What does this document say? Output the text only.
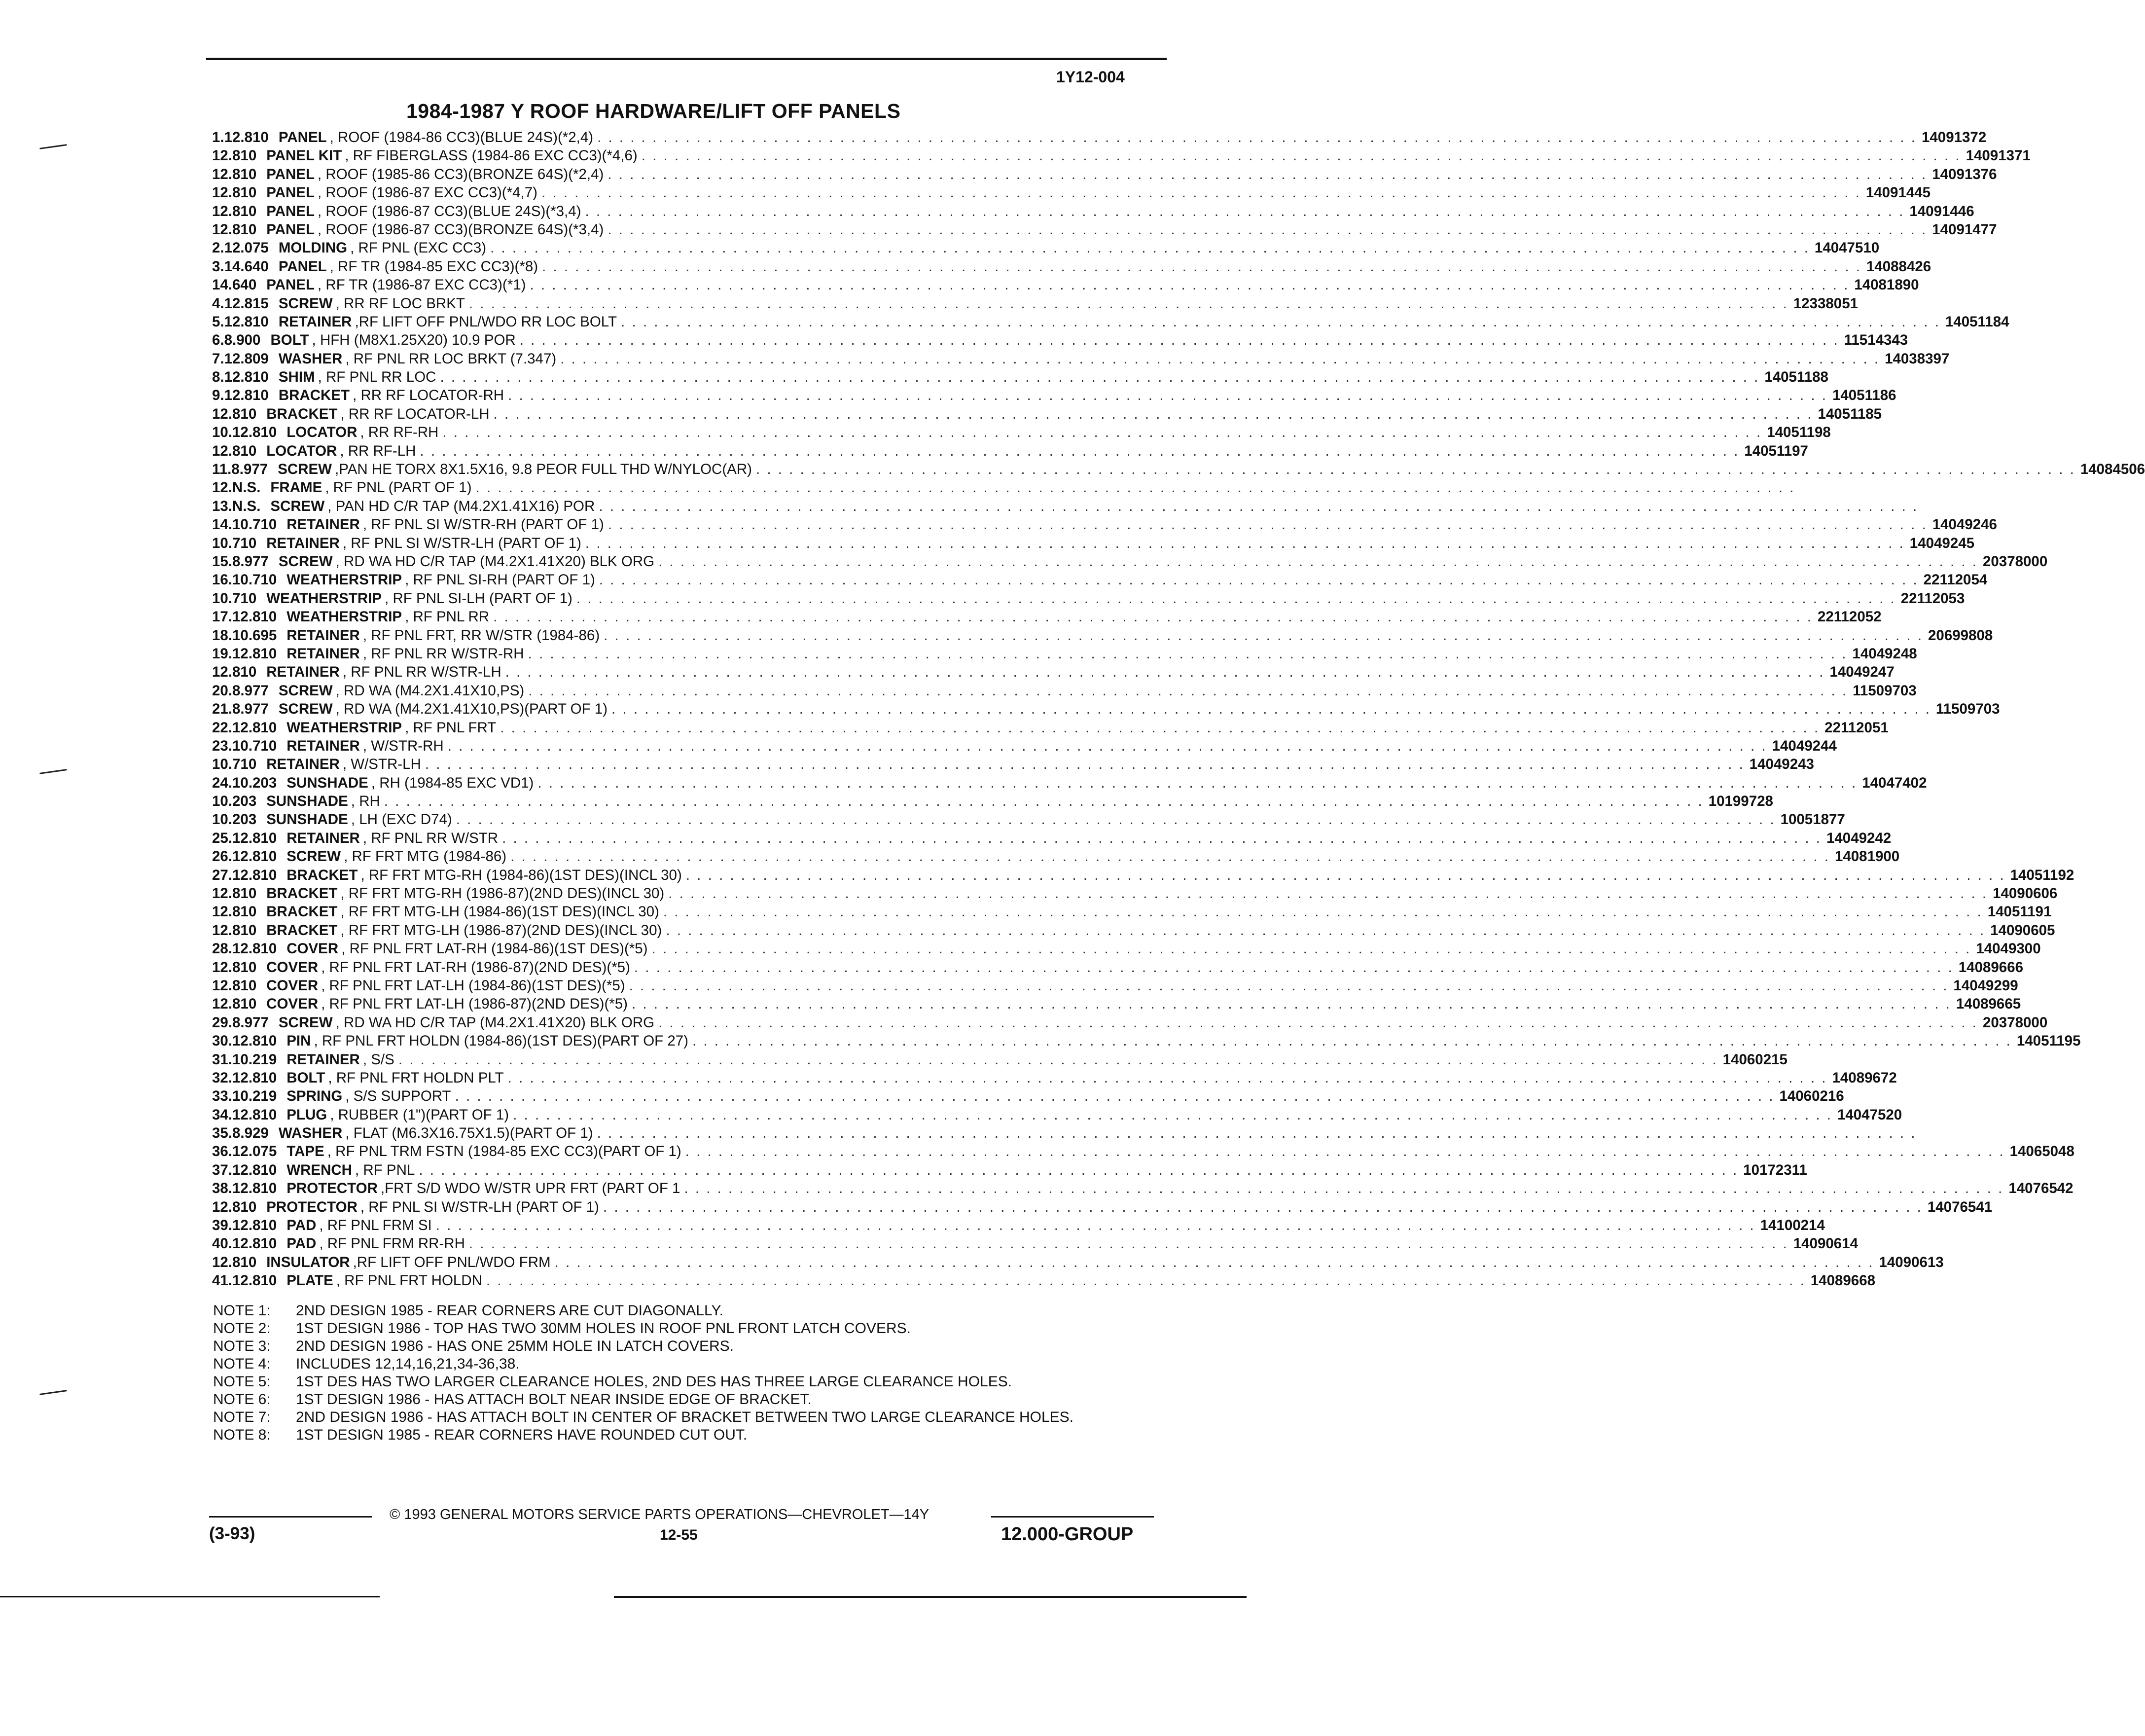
1Y12-004
1984-1987 Y ROOF HARDWARE/LIFT OFF PANELS
1. 12.810 PANEL , ROOF (1984-86 CC3)(BLUE 24S)(*2,4) . . . . . . . . . . . . . . . . . . . . . . . . . . . . . . . . . . . . . . . . . . . . . . . . . . . . . . . . . . . . . . . . . . . . . . . . . . . . . . . . . . . . . . . . . . . . . . . . . . . . . . . . . . . . . . . . . . . . . . . . 14091372
12.810 PANEL KIT , RF FIBERGLASS (1984-86 EXC CC3)(*4,6) . . . . . . . . . . . . . . . . . . . . . . . . . . . . . . . . . . . . . . . . . . . . . . . . . . . . . . . . . . . . . . . . . . . . . . . . . . . . . . . . . . . . . . . . . . . . . . . . . . . . . . . . . . . . . . . . . . . . . . . . 14091371
12.810 PANEL , ROOF (1985-86 CC3)(BRONZE 64S)(*2,4) . . . . . . . . . . . . . . . . . . . . . . . . . . . . . . . . . . . . . . . . . . . . . . . . . . . . . . . . . . . . . . . . . . . . . . . . . . . . . . . . . . . . . . . . . . . . . . . . . . . . . . . . . . . . . . . . . . . . . . . . 14091376
12.810 PANEL , ROOF (1986-87 EXC CC3)(*4,7) . . . . . . . . . . . . . . . . . . . . . . . . . . . . . . . . . . . . . . . . . . . . . . . . . . . . . . . . . . . . . . . . . . . . . . . . . . . . . . . . . . . . . . . . . . . . . . . . . . . . . . . . . . . . . . . . . . . . . . . . 14091445
12.810 PANEL , ROOF (1986-87 CC3)(BLUE 24S)(*3,4) . . . . . . . . . . . . . . . . . . . . . . . . . . . . . . . . . . . . . . . . . . . . . . . . . . . . . . . . . . . . . . . . . . . . . . . . . . . . . . . . . . . . . . . . . . . . . . . . . . . . . . . . . . . . . . . . . . . . . . . . 14091446
12.810 PANEL , ROOF (1986-87 CC3)(BRONZE 64S)(*3,4) . . . . . . . . . . . . . . . . . . . . . . . . . . . . . . . . . . . . . . . . . . . . . . . . . . . . . . . . . . . . . . . . . . . . . . . . . . . . . . . . . . . . . . . . . . . . . . . . . . . . . . . . . . . . . . . . . . . . . . . . 14091477
2. 12.075 MOLDING , RF PNL (EXC CC3) . . . . . . . . . . . . . . . . . . . . . . . . . . . . . . . . . . . . . . . . . . . . . . . . . . . . . . . . . . . . . . . . . . . . . . . . . . . . . . . . . . . . . . . . . . . . . . . . . . . . . . . . . . . . . . . . . . . . . . . . 14047510
3. 14.640 PANEL , RF TR (1984-85 EXC CC3)(*8) . . . . . . . . . . . . . . . . . . . . . . . . . . . . . . . . . . . . . . . . . . . . . . . . . . . . . . . . . . . . . . . . . . . . . . . . . . . . . . . . . . . . . . . . . . . . . . . . . . . . . . . . . . . . . . . . . . . . . . . . 14088426
14.640 PANEL , RF TR (1986-87 EXC CC3)(*1) . . . . . . . . . . . . . . . . . . . . . . . . . . . . . . . . . . . . . . . . . . . . . . . . . . . . . . . . . . . . . . . . . . . . . . . . . . . . . . . . . . . . . . . . . . . . . . . . . . . . . . . . . . . . . . . . . . . . . . . . 14081890
4. 12.815 SCREW , RR RF LOC BRKT . . . . . . . . . . . . . . . . . . . . . . . . . . . . . . . . . . . . . . . . . . . . . . . . . . . . . . . . . . . . . . . . . . . . . . . . . . . . . . . . . . . . . . . . . . . . . . . . . . . . . . . . . . . . . . . . . . . . . . . . 12338051
5. 12.810 RETAINER ,RF LIFT OFF PNL/WDO RR LOC BOLT . . . . . . . . . . . . . . . . . . . . . . . . . . . . . . . . . . . . . . . . . . . . . . . . . . . . . . . . . . . . . . . . . . . . . . . . . . . . . . . . . . . . . . . . . . . . . . . . . . . . . . . . . . . . . . . . . . . . . . . . 14051184
6. 8.900 BOLT , HFH (M8X1.25X20) 10.9 POR . . . . . . . . . . . . . . . . . . . . . . . . . . . . . . . . . . . . . . . . . . . . . . . . . . . . . . . . . . . . . . . . . . . . . . . . . . . . . . . . . . . . . . . . . . . . . . . . . . . . . . . . . . . . . . . . . . . . . . . . 11514343
7. 12.809 WASHER , RF PNL RR LOC BRKT (7.347) . . . . . . . . . . . . . . . . . . . . . . . . . . . . . . . . . . . . . . . . . . . . . . . . . . . . . . . . . . . . . . . . . . . . . . . . . . . . . . . . . . . . . . . . . . . . . . . . . . . . . . . . . . . . . . . . . . . . . . . . 14038397
8. 12.810 SHIM , RF PNL RR LOC . . . . . . . . . . . . . . . . . . . . . . . . . . . . . . . . . . . . . . . . . . . . . . . . . . . . . . . . . . . . . . . . . . . . . . . . . . . . . . . . . . . . . . . . . . . . . . . . . . . . . . . . . . . . . . . . . . . . . . . . 14051188
9. 12.810 BRACKET , RR RF LOCATOR-RH . . . . . . . . . . . . . . . . . . . . . . . . . . . . . . . . . . . . . . . . . . . . . . . . . . . . . . . . . . . . . . . . . . . . . . . . . . . . . . . . . . . . . . . . . . . . . . . . . . . . . . . . . . . . . . . . . . . . . . . . 14051186
12.810 BRACKET , RR RF LOCATOR-LH . . . . . . . . . . . . . . . . . . . . . . . . . . . . . . . . . . . . . . . . . . . . . . . . . . . . . . . . . . . . . . . . . . . . . . . . . . . . . . . . . . . . . . . . . . . . . . . . . . . . . . . . . . . . . . . . . . . . . . . . 14051185
10. 12.810 LOCATOR , RR RF-RH . . . . . . . . . . . . . . . . . . . . . . . . . . . . . . . . . . . . . . . . . . . . . . . . . . . . . . . . . . . . . . . . . . . . . . . . . . . . . . . . . . . . . . . . . . . . . . . . . . . . . . . . . . . . . . . . . . . . . . . . 14051198
12.810 LOCATOR , RR RF-LH . . . . . . . . . . . . . . . . . . . . . . . . . . . . . . . . . . . . . . . . . . . . . . . . . . . . . . . . . . . . . . . . . . . . . . . . . . . . . . . . . . . . . . . . . . . . . . . . . . . . . . . . . . . . . . . . . . . . . . . . 14051197
11. 8.977 SCREW ,PAN HE TORX 8X1.5X16, 9.8 PEOR FULL THD W/NYLOC(AR) . . . . . . . . . . . . . . . . . . . . . . . . . . . . . . . . . . . . . . . . . . . . . . . . . . . . . . . . . . . . . . . . . . . . . . . . . . . . . . . . . . . . . . . . . . . . . . . . . . . . . . . . . . . . . . . . . . . . . . . . 14084506
12. N.S. FRAME , RF PNL (PART OF 1) . . . . . . . . . . . . . . . . . . . . . . . . . . . . . . . . . . . . . . . . . . . . . . . . . . . . . . . . . . . . . . . . . . . . . . . . . . . . . . . . . . . . . . . . . . . . . . . . . . . . . . . . . . . . . . . . . . . . . . . .
13. N.S. SCREW , PAN HD C/R TAP (M4.2X1.41X16) POR . . . . . . . . . . . . . . . . . . . . . . . . . . . . . . . . . . . . . . . . . . . . . . . . . . . . . . . . . . . . . . . . . . . . . . . . . . . . . . . . . . . . . . . . . . . . . . . . . . . . . . . . . . . . . . . . . . . . . . . .
14. 10.710 RETAINER , RF PNL SI W/STR-RH (PART OF 1) . . . . . . . . . . . . . . . . . . . . . . . . . . . . . . . . . . . . . . . . . . . . . . . . . . . . . . . . . . . . . . . . . . . . . . . . . . . . . . . . . . . . . . . . . . . . . . . . . . . . . . . . . . . . . . . . . . . . . . . . 14049246
10.710 RETAINER , RF PNL SI W/STR-LH (PART OF 1) . . . . . . . . . . . . . . . . . . . . . . . . . . . . . . . . . . . . . . . . . . . . . . . . . . . . . . . . . . . . . . . . . . . . . . . . . . . . . . . . . . . . . . . . . . . . . . . . . . . . . . . . . . . . . . . . . . . . . . . . 14049245
15. 8.977 SCREW , RD WA HD C/R TAP (M4.2X1.41X20) BLK ORG . . . . . . . . . . . . . . . . . . . . . . . . . . . . . . . . . . . . . . . . . . . . . . . . . . . . . . . . . . . . . . . . . . . . . . . . . . . . . . . . . . . . . . . . . . . . . . . . . . . . . . . . . . . . . . . . . . . . . . . . 20378000
16. 10.710 WEATHERSTRIP , RF PNL SI-RH (PART OF 1) . . . . . . . . . . . . . . . . . . . . . . . . . . . . . . . . . . . . . . . . . . . . . . . . . . . . . . . . . . . . . . . . . . . . . . . . . . . . . . . . . . . . . . . . . . . . . . . . . . . . . . . . . . . . . . . . . . . . . . . . 22112054
10.710 WEATHERSTRIP , RF PNL SI-LH (PART OF 1) . . . . . . . . . . . . . . . . . . . . . . . . . . . . . . . . . . . . . . . . . . . . . . . . . . . . . . . . . . . . . . . . . . . . . . . . . . . . . . . . . . . . . . . . . . . . . . . . . . . . . . . . . . . . . . . . . . . . . . . . 22112053
17. 12.810 WEATHERSTRIP , RF PNL RR . . . . . . . . . . . . . . . . . . . . . . . . . . . . . . . . . . . . . . . . . . . . . . . . . . . . . . . . . . . . . . . . . . . . . . . . . . . . . . . . . . . . . . . . . . . . . . . . . . . . . . . . . . . . . . . . . . . . . . . . 22112052
18. 10.695 RETAINER , RF PNL FRT, RR W/STR (1984-86) . . . . . . . . . . . . . . . . . . . . . . . . . . . . . . . . . . . . . . . . . . . . . . . . . . . . . . . . . . . . . . . . . . . . . . . . . . . . . . . . . . . . . . . . . . . . . . . . . . . . . . . . . . . . . . . . . . . . . . . . 20699808
19. 12.810 RETAINER , RF PNL RR W/STR-RH . . . . . . . . . . . . . . . . . . . . . . . . . . . . . . . . . . . . . . . . . . . . . . . . . . . . . . . . . . . . . . . . . . . . . . . . . . . . . . . . . . . . . . . . . . . . . . . . . . . . . . . . . . . . . . . . . . . . . . . . 14049248
12.810 RETAINER , RF PNL RR W/STR-LH . . . . . . . . . . . . . . . . . . . . . . . . . . . . . . . . . . . . . . . . . . . . . . . . . . . . . . . . . . . . . . . . . . . . . . . . . . . . . . . . . . . . . . . . . . . . . . . . . . . . . . . . . . . . . . . . . . . . . . . . 14049247
20. 8.977 SCREW , RD WA (M4.2X1.41X10,PS) . . . . . . . . . . . . . . . . . . . . . . . . . . . . . . . . . . . . . . . . . . . . . . . . . . . . . . . . . . . . . . . . . . . . . . . . . . . . . . . . . . . . . . . . . . . . . . . . . . . . . . . . . . . . . . . . . . . . . . . . 11509703
21. 8.977 SCREW , RD WA (M4.2X1.41X10,PS)(PART OF 1) . . . . . . . . . . . . . . . . . . . . . . . . . . . . . . . . . . . . . . . . . . . . . . . . . . . . . . . . . . . . . . . . . . . . . . . . . . . . . . . . . . . . . . . . . . . . . . . . . . . . . . . . . . . . . . . . . . . . . . . . 11509703
22. 12.810 WEATHERSTRIP , RF PNL FRT . . . . . . . . . . . . . . . . . . . . . . . . . . . . . . . . . . . . . . . . . . . . . . . . . . . . . . . . . . . . . . . . . . . . . . . . . . . . . . . . . . . . . . . . . . . . . . . . . . . . . . . . . . . . . . . . . . . . . . . . 22112051
23. 10.710 RETAINER , W/STR-RH . . . . . . . . . . . . . . . . . . . . . . . . . . . . . . . . . . . . . . . . . . . . . . . . . . . . . . . . . . . . . . . . . . . . . . . . . . . . . . . . . . . . . . . . . . . . . . . . . . . . . . . . . . . . . . . . . . . . . . . . 14049244
10.710 RETAINER , W/STR-LH . . . . . . . . . . . . . . . . . . . . . . . . . . . . . . . . . . . . . . . . . . . . . . . . . . . . . . . . . . . . . . . . . . . . . . . . . . . . . . . . . . . . . . . . . . . . . . . . . . . . . . . . . . . . . . . . . . . . . . . . 14049243
24. 10.203 SUNSHADE , RH (1984-85 EXC VD1) . . . . . . . . . . . . . . . . . . . . . . . . . . . . . . . . . . . . . . . . . . . . . . . . . . . . . . . . . . . . . . . . . . . . . . . . . . . . . . . . . . . . . . . . . . . . . . . . . . . . . . . . . . . . . . . . . . . . . . . . 14047402
10.203 SUNSHADE , RH . . . . . . . . . . . . . . . . . . . . . . . . . . . . . . . . . . . . . . . . . . . . . . . . . . . . . . . . . . . . . . . . . . . . . . . . . . . . . . . . . . . . . . . . . . . . . . . . . . . . . . . . . . . . . . . . . . . . . . . . 10199728
10.203 SUNSHADE , LH (EXC D74) . . . . . . . . . . . . . . . . . . . . . . . . . . . . . . . . . . . . . . . . . . . . . . . . . . . . . . . . . . . . . . . . . . . . . . . . . . . . . . . . . . . . . . . . . . . . . . . . . . . . . . . . . . . . . . . . . . . . . . . . 10051877
25. 12.810 RETAINER , RF PNL RR W/STR . . . . . . . . . . . . . . . . . . . . . . . . . . . . . . . . . . . . . . . . . . . . . . . . . . . . . . . . . . . . . . . . . . . . . . . . . . . . . . . . . . . . . . . . . . . . . . . . . . . . . . . . . . . . . . . . . . . . . . . . 14049242
26. 12.810 SCREW , RF FRT MTG (1984-86) . . . . . . . . . . . . . . . . . . . . . . . . . . . . . . . . . . . . . . . . . . . . . . . . . . . . . . . . . . . . . . . . . . . . . . . . . . . . . . . . . . . . . . . . . . . . . . . . . . . . . . . . . . . . . . . . . . . . . . . . 14081900
27. 12.810 BRACKET , RF FRT MTG-RH (1984-86)(1ST DES)(INCL 30) . . . . . . . . . . . . . . . . . . . . . . . . . . . . . . . . . . . . . . . . . . . . . . . . . . . . . . . . . . . . . . . . . . . . . . . . . . . . . . . . . . . . . . . . . . . . . . . . . . . . . . . . . . . . . . . . . . . . . . . . 14051192
12.810 BRACKET , RF FRT MTG-RH (1986-87)(2ND DES)(INCL 30) . . . . . . . . . . . . . . . . . . . . . . . . . . . . . . . . . . . . . . . . . . . . . . . . . . . . . . . . . . . . . . . . . . . . . . . . . . . . . . . . . . . . . . . . . . . . . . . . . . . . . . . . . . . . . . . . . . . . . . . . 14090606
12.810 BRACKET , RF FRT MTG-LH (1984-86)(1ST DES)(INCL 30) . . . . . . . . . . . . . . . . . . . . . . . . . . . . . . . . . . . . . . . . . . . . . . . . . . . . . . . . . . . . . . . . . . . . . . . . . . . . . . . . . . . . . . . . . . . . . . . . . . . . . . . . . . . . . . . . . . . . . . . . 14051191
12.810 BRACKET , RF FRT MTG-LH (1986-87)(2ND DES)(INCL 30) . . . . . . . . . . . . . . . . . . . . . . . . . . . . . . . . . . . . . . . . . . . . . . . . . . . . . . . . . . . . . . . . . . . . . . . . . . . . . . . . . . . . . . . . . . . . . . . . . . . . . . . . . . . . . . . . . . . . . . . . 14090605
28. 12.810 COVER , RF PNL FRT LAT-RH (1984-86)(1ST DES)(*5) . . . . . . . . . . . . . . . . . . . . . . . . . . . . . . . . . . . . . . . . . . . . . . . . . . . . . . . . . . . . . . . . . . . . . . . . . . . . . . . . . . . . . . . . . . . . . . . . . . . . . . . . . . . . . . . . . . . . . . . . 14049300
12.810 COVER , RF PNL FRT LAT-RH (1986-87)(2ND DES)(*5) . . . . . . . . . . . . . . . . . . . . . . . . . . . . . . . . . . . . . . . . . . . . . . . . . . . . . . . . . . . . . . . . . . . . . . . . . . . . . . . . . . . . . . . . . . . . . . . . . . . . . . . . . . . . . . . . . . . . . . . . 14089666
12.810 COVER , RF PNL FRT LAT-LH (1984-86)(1ST DES)(*5) . . . . . . . . . . . . . . . . . . . . . . . . . . . . . . . . . . . . . . . . . . . . . . . . . . . . . . . . . . . . . . . . . . . . . . . . . . . . . . . . . . . . . . . . . . . . . . . . . . . . . . . . . . . . . . . . . . . . . . . . 14049299
12.810 COVER , RF PNL FRT LAT-LH (1986-87)(2ND DES)(*5) . . . . . . . . . . . . . . . . . . . . . . . . . . . . . . . . . . . . . . . . . . . . . . . . . . . . . . . . . . . . . . . . . . . . . . . . . . . . . . . . . . . . . . . . . . . . . . . . . . . . . . . . . . . . . . . . . . . . . . . . 14089665
29. 8.977 SCREW , RD WA HD C/R TAP (M4.2X1.41X20) BLK ORG . . . . . . . . . . . . . . . . . . . . . . . . . . . . . . . . . . . . . . . . . . . . . . . . . . . . . . . . . . . . . . . . . . . . . . . . . . . . . . . . . . . . . . . . . . . . . . . . . . . . . . . . . . . . . . . . . . . . . . . . 20378000
30. 12.810 PIN , RF PNL FRT HOLDN (1984-86)(1ST DES)(PART OF 27) . . . . . . . . . . . . . . . . . . . . . . . . . . . . . . . . . . . . . . . . . . . . . . . . . . . . . . . . . . . . . . . . . . . . . . . . . . . . . . . . . . . . . . . . . . . . . . . . . . . . . . . . . . . . . . . . . . . . . . . . 14051195
31. 10.219 RETAINER , S/S . . . . . . . . . . . . . . . . . . . . . . . . . . . . . . . . . . . . . . . . . . . . . . . . . . . . . . . . . . . . . . . . . . . . . . . . . . . . . . . . . . . . . . . . . . . . . . . . . . . . . . . . . . . . . . . . . . . . . . . . 14060215
32. 12.810 BOLT , RF PNL FRT HOLDN PLT . . . . . . . . . . . . . . . . . . . . . . . . . . . . . . . . . . . . . . . . . . . . . . . . . . . . . . . . . . . . . . . . . . . . . . . . . . . . . . . . . . . . . . . . . . . . . . . . . . . . . . . . . . . . . . . . . . . . . . . . 14089672
33. 10.219 SPRING , S/S SUPPORT . . . . . . . . . . . . . . . . . . . . . . . . . . . . . . . . . . . . . . . . . . . . . . . . . . . . . . . . . . . . . . . . . . . . . . . . . . . . . . . . . . . . . . . . . . . . . . . . . . . . . . . . . . . . . . . . . . . . . . . . 14060216
34. 12.810 PLUG , RUBBER (1")(PART OF 1) . . . . . . . . . . . . . . . . . . . . . . . . . . . . . . . . . . . . . . . . . . . . . . . . . . . . . . . . . . . . . . . . . . . . . . . . . . . . . . . . . . . . . . . . . . . . . . . . . . . . . . . . . . . . . . . . . . . . . . . . 14047520
35. 8.929 WASHER , FLAT (M6.3X16.75X1.5)(PART OF 1) . . . . . . . . . . . . . . . . . . . . . . . . . . . . . . . . . . . . . . . . . . . . . . . . . . . . . . . . . . . . . . . . . . . . . . . . . . . . . . . . . . . . . . . . . . . . . . . . . . . . . . . . . . . . . . . . . . . . . . . .
36. 12.075 TAPE , RF PNL TRM FSTN (1984-85 EXC CC3)(PART OF 1) . . . . . . . . . . . . . . . . . . . . . . . . . . . . . . . . . . . . . . . . . . . . . . . . . . . . . . . . . . . . . . . . . . . . . . . . . . . . . . . . . . . . . . . . . . . . . . . . . . . . . . . . . . . . . . . . . . . . . . . . 14065048
37. 12.810 WRENCH , RF PNL . . . . . . . . . . . . . . . . . . . . . . . . . . . . . . . . . . . . . . . . . . . . . . . . . . . . . . . . . . . . . . . . . . . . . . . . . . . . . . . . . . . . . . . . . . . . . . . . . . . . . . . . . . . . . . . . . . . . . . . . 10172311
38. 12.810 PROTECTOR ,FRT S/D WDO W/STR UPR FRT (PART OF 1 . . . . . . . . . . . . . . . . . . . . . . . . . . . . . . . . . . . . . . . . . . . . . . . . . . . . . . . . . . . . . . . . . . . . . . . . . . . . . . . . . . . . . . . . . . . . . . . . . . . . . . . . . . . . . . . . . . . . . . . . 14076542
12.810 PROTECTOR , RF PNL SI W/STR-LH (PART OF 1) . . . . . . . . . . . . . . . . . . . . . . . . . . . . . . . . . . . . . . . . . . . . . . . . . . . . . . . . . . . . . . . . . . . . . . . . . . . . . . . . . . . . . . . . . . . . . . . . . . . . . . . . . . . . . . . . . . . . . . . . 14076541
39. 12.810 PAD , RF PNL FRM SI . . . . . . . . . . . . . . . . . . . . . . . . . . . . . . . . . . . . . . . . . . . . . . . . . . . . . . . . . . . . . . . . . . . . . . . . . . . . . . . . . . . . . . . . . . . . . . . . . . . . . . . . . . . . . . . . . . . . . . . . 14100214
40. 12.810 PAD , RF PNL FRM RR-RH . . . . . . . . . . . . . . . . . . . . . . . . . . . . . . . . . . . . . . . . . . . . . . . . . . . . . . . . . . . . . . . . . . . . . . . . . . . . . . . . . . . . . . . . . . . . . . . . . . . . . . . . . . . . . . . . . . . . . . . . 14090614
12.810 INSULATOR ,RF LIFT OFF PNL/WDO FRM . . . . . . . . . . . . . . . . . . . . . . . . . . . . . . . . . . . . . . . . . . . . . . . . . . . . . . . . . . . . . . . . . . . . . . . . . . . . . . . . . . . . . . . . . . . . . . . . . . . . . . . . . . . . . . . . . . . . . . . . 14090613
41. 12.810 PLATE , RF PNL FRT HOLDN . . . . . . . . . . . . . . . . . . . . . . . . . . . . . . . . . . . . . . . . . . . . . . . . . . . . . . . . . . . . . . . . . . . . . . . . . . . . . . . . . . . . . . . . . . . . . . . . . . . . . . . . . . . . . . . . . . . . . . . . 14089668
NOTE 1:	2ND DESIGN 1985 - REAR CORNERS ARE CUT DIAGONALLY.
NOTE 2:	1ST DESIGN 1986 - TOP HAS TWO 30MM HOLES IN ROOF PNL FRONT LATCH COVERS.
NOTE 3:	2ND DESIGN 1986 - HAS ONE 25MM HOLE IN LATCH COVERS.
NOTE 4:	INCLUDES 12,14,16,21,34-36,38.
NOTE 5:	1ST DES HAS TWO LARGER CLEARANCE HOLES, 2ND DES HAS THREE LARGE CLEARANCE HOLES.
NOTE 6:	1ST DESIGN 1986 - HAS ATTACH BOLT NEAR INSIDE EDGE OF BRACKET.
NOTE 7:	2ND DESIGN 1986 - HAS ATTACH BOLT IN CENTER OF BRACKET BETWEEN TWO LARGE CLEARANCE HOLES.
NOTE 8:	1ST DESIGN 1985 - REAR CORNERS HAVE ROUNDED CUT OUT.
© 1993 GENERAL MOTORS SERVICE PARTS OPERATIONS—CHEVROLET—14Y
(3-93)	12-55	12.000-GROUP
